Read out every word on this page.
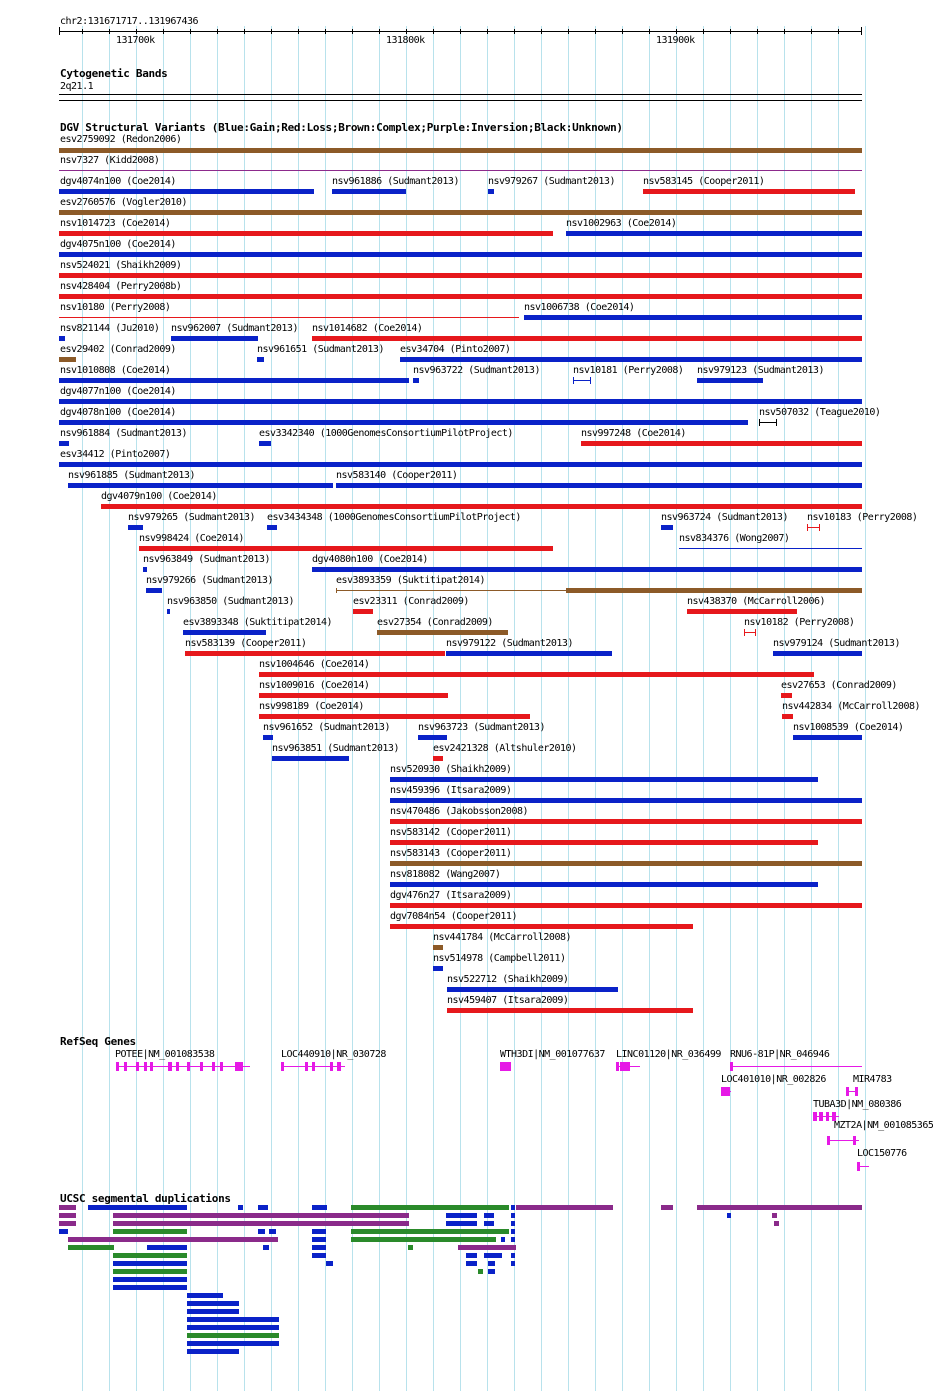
chr2:131671717..131967436
131700k	131800k	131900k
Cytogenetic Bands
2q21.1
DGV Structural Variants (Blue:Gain;Red:Loss;Brown:Complex;Purple:Inversion;Black:Unknown)
esv2759092 (Redon2006)
nsv7327 (Kidd2008)
dgv4074n100 (Coe2014)	nsv961886 (Sudmant2013)	nsv979267 (Sudmant2013)	nsv583145 (Cooper2011)
esv2760576 (Vogler2010)
nsv1014723 (Coe2014)	nsv1002963 (Coe2014)
dgv4075n100 (Coe2014)
nsv524021 (Shaikh2009)
nsv428404 (Perry2008b)
nsv10180 (Perry2008)	nsv1006738 (Coe2014)
nsv821144 (Ju2010) nsv962007 (Sudmant2013) nsv1014682 (Coe2014)
esv29402 (Conrad2009)	nsv961651 (Sudmant2013) esv34704 (Pinto2007)
nsv1010808 (Coe2014)	nsv963722 (Sudmant2013)	nsv10181 (Perry2008) nsv979123 (Sudmant2013)
dgv4077n100 (Coe2014)
dgv4078n100 (Coe2014)	nsv507032 (Teague2010)
nsv961884 (Sudmant2013)	esv3342340 (1000GenomesConsortiumPilotProject)	nsv997248 (Coe2014)
esv34412 (Pinto2007)
nsv961885 (Sudmant2013)	nsv583140 (Cooper2011)
dgv4079n100 (Coe2014)
nsv979265 (Sudmant2013) esv3434348 (1000GenomesConsortiumPilotProject)	nsv963724 (Sudmant2013) nsv10183 (Perry2008)
nsv998424 (Coe2014)	nsv834376 (Wong2007)
nsv963849 (Sudmant2013)	dgv4080n100 (Coe2014)
nsv979266 (Sudmant2013)	esv3893359 (Suktitipat2014)
nsv963850 (Sudmant2013)	esv23311 (Conrad2009)	nsv438370 (McCarroll2006)
esv3893348 (Suktitipat2014)	esv27354 (Conrad2009)	nsv10182 (Perry2008)
nsv583139 (Cooper2011)	nsv979122 (Sudmant2013)	nsv979124 (Sudmant2013)
nsv1004646 (Coe2014)
nsv1009016 (Coe2014)	esv27653 (Conrad2009)
nsv998189 (Coe2014)	nsv442834 (McCarroll2008)
nsv961652 (Sudmant2013)	nsv963723 (Sudmant2013)	nsv1008539 (Coe2014)
nsv963851 (Sudmant2013)	esv2421328 (Altshuler2010)
nsv520930 (Shaikh2009)
nsv459396 (Itsara2009)
nsv470486 (Jakobsson2008)
nsv583142 (Cooper2011)
nsv583143 (Cooper2011)
nsv818082 (Wang2007)
dgv476n27 (Itsara2009)
dgv7084n54 (Cooper2011)
nsv441784 (McCarroll2008)
nsv514978 (Campbell2011)
nsv522712 (Shaikh2009)
nsv459407 (Itsara2009)
RefSeq Genes
POTEE|NM_001083538	LOC440910|NR_030728	WTH3DI|NM_001077637 LINC01120|NR_036499 RNU6-81P|NR_046946
LOC401010|NR_002826	MIR4783
TUBA3D|NM_080386
MZT2A|NM_001085365
LOC150776
UCSC segmental duplications
